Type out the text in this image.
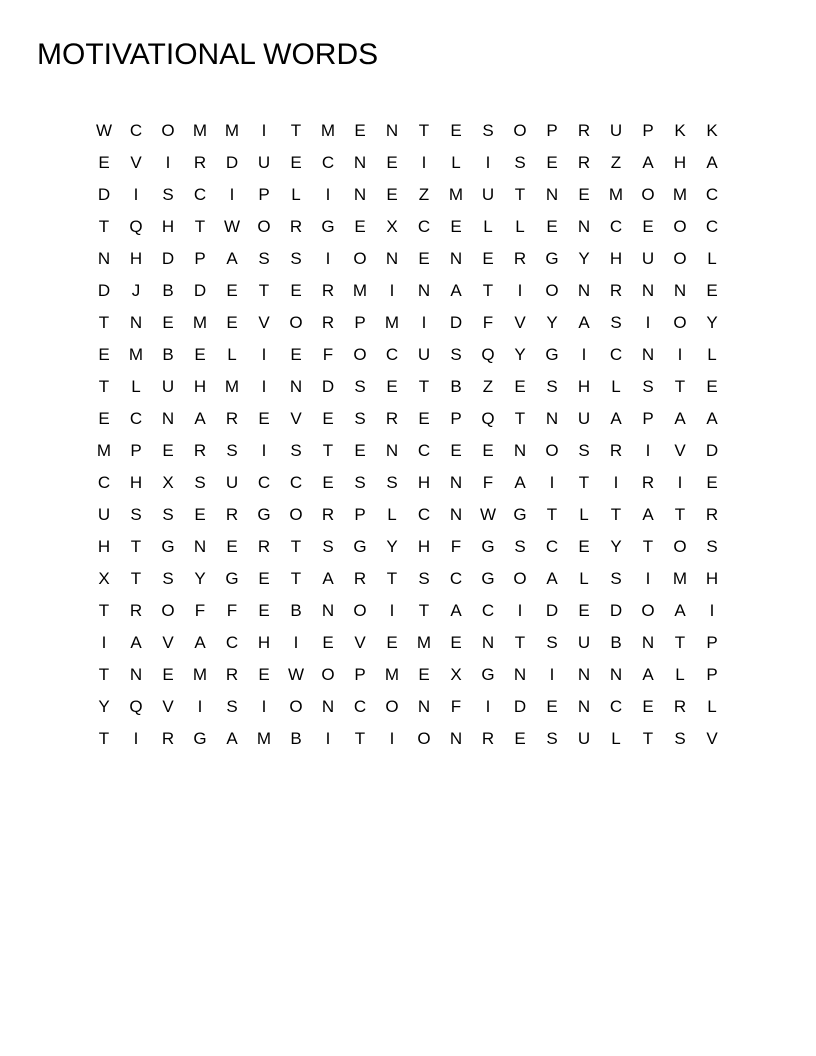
MOTIVATIONAL WORDS
W	C	O	M	M	I	T	M	E	N	T	E	S	O	P	R	U	P	K	K
E	V	I	R	D	U	E	C	N	E	I	L	I	S	E	R	Z	A	H	A
D	I	S	C	I	P	L	I	N	E	Z	M	U	T	N	E	M	O	M	C
T	Q	H	T	W	O	R	G	E	X	C	E	L	L	E	N	C	E	O	C
N	H	D	P	A	S	S	I	O	N	E	N	E	R	G	Y	H	U	O	L
D	J	B	D	E	T	E	R	M	I	N	A	T	I	O	N	R	N	N	E
T	N	E	M	E	V	O	R	P	M	I	D	F	V	Y	A	S	I	O	Y
E	M	B	E	L	I	E	F	O	C	U	S	Q	Y	G	I	C	N	I	L
T	L	U	H	M	I	N	D	S	E	T	B	Z	E	S	H	L	S	T	E
E	C	N	A	R	E	V	E	S	R	E	P	Q	T	N	U	A	P	A	A
M	P	E	R	S	I	S	T	E	N	C	E	E	N	O	S	R	I	V	D
C	H	X	S	U	C	C	E	S	S	H	N	F	A	I	T	I	R	I	E
U	S	S	E	R	G	O	R	P	L	C	N	W	G	T	L	T	A	T	R
H	T	G	N	E	R	T	S	G	Y	H	F	G	S	C	E	Y	T	O	S
X	T	S	Y	G	E	T	A	R	T	S	C	G	O	A	L	S	I	M	H
T	R	O	F	F	E	B	N	O	I	T	A	C	I	D	E	D	O	A	I
I	A	V	A	C	H	I	E	V	E	M	E	N	T	S	U	B	N	T	P
T	N	E	M	R	E	W	O	P	M	E	X	G	N	I	N	N	A	L	P
Y	Q	V	I	S	I	O	N	C	O	N	F	I	D	E	N	C	E	R	L
T	I	R	G	A	M	B	I	T	I	O	N	R	E	S	U	L	T	S	V
